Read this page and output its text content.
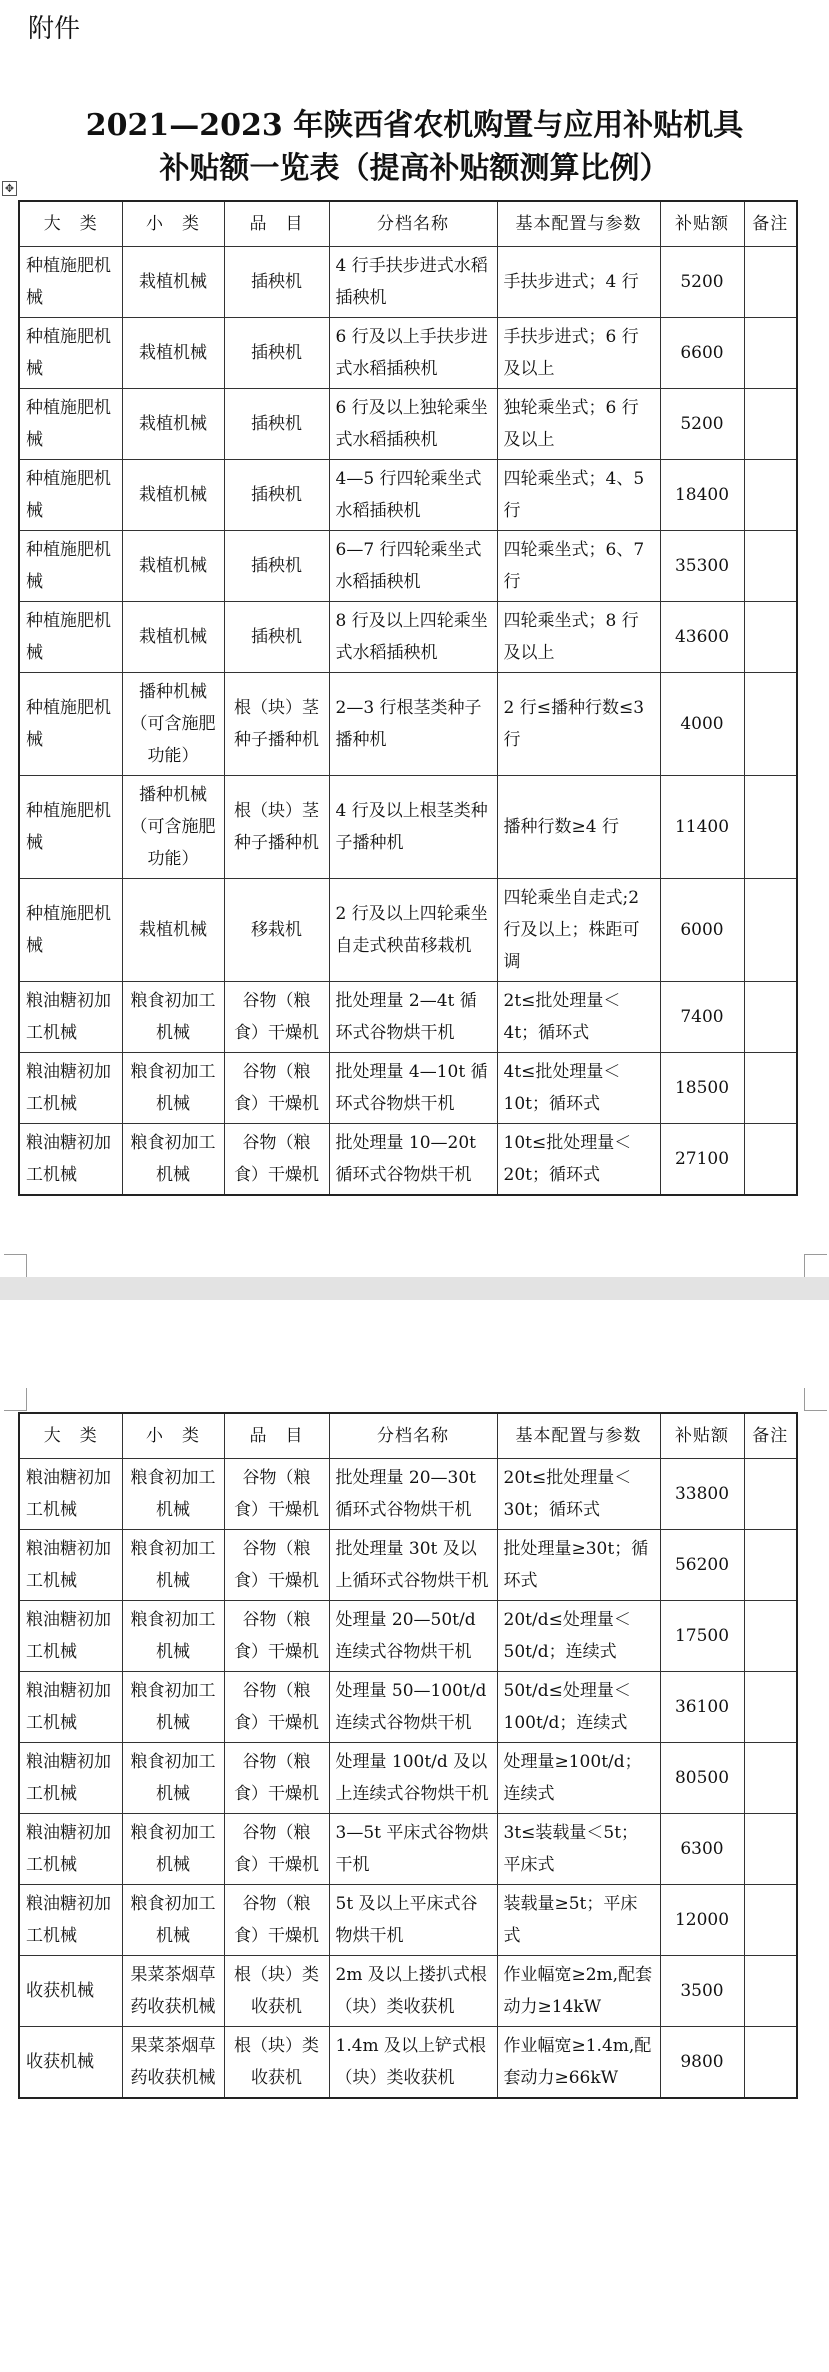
附件
2021—2023 年陕西省农机购置与应用补贴机具
补贴额一览表（提高补贴额测算比例）
✥
大　类	小　类	品　目	分档名称	基本配置与参数	补贴额	备注
种植施肥机械	栽植机械	插秧机	4 行手扶步进式水稻插秧机	手扶步进式；4 行	5200	
种植施肥机械	栽植机械	插秧机	6 行及以上手扶步进式水稻插秧机	手扶步进式；6 行及以上	6600	
种植施肥机械	栽植机械	插秧机	6 行及以上独轮乘坐式水稻插秧机	独轮乘坐式；6 行及以上	5200	
种植施肥机械	栽植机械	插秧机	4—5 行四轮乘坐式水稻插秧机	四轮乘坐式；4、5 行	18400	
种植施肥机械	栽植机械	插秧机	6—7 行四轮乘坐式水稻插秧机	四轮乘坐式；6、7 行	35300	
种植施肥机械	栽植机械	插秧机	8 行及以上四轮乘坐式水稻插秧机	四轮乘坐式；8 行及以上	43600	
种植施肥机械	播种机械（可含施肥功能）	根（块）茎种子播种机	2—3 行根茎类种子播种机	2 行≤播种行数≤3 行	4000	
种植施肥机械	播种机械（可含施肥功能）	根（块）茎种子播种机	4 行及以上根茎类种子播种机	播种行数≥4 行	11400	
种植施肥机械	栽植机械	移栽机	2 行及以上四轮乘坐自走式秧苗移栽机	四轮乘坐自走式;2 行及以上；株距可调	6000	
粮油糖初加工机械	粮食初加工机械	谷物（粮食）干燥机	批处理量 2—4t 循环式谷物烘干机	2t≤批处理量＜4t；循环式	7400	
粮油糖初加工机械	粮食初加工机械	谷物（粮食）干燥机	批处理量 4—10t 循环式谷物烘干机	4t≤批处理量＜10t；循环式	18500	
粮油糖初加工机械	粮食初加工机械	谷物（粮食）干燥机	批处理量 10—20t 循环式谷物烘干机	10t≤批处理量＜20t；循环式	27100	
大　类	小　类	品　目	分档名称	基本配置与参数	补贴额	备注
粮油糖初加工机械	粮食初加工机械	谷物（粮食）干燥机	批处理量 20—30t 循环式谷物烘干机	20t≤批处理量＜30t；循环式	33800	
粮油糖初加工机械	粮食初加工机械	谷物（粮食）干燥机	批处理量 30t 及以上循环式谷物烘干机	批处理量≥30t；循环式	56200	
粮油糖初加工机械	粮食初加工机械	谷物（粮食）干燥机	处理量 20—50t/d 连续式谷物烘干机	20t/d≤处理量＜50t/d；连续式	17500	
粮油糖初加工机械	粮食初加工机械	谷物（粮食）干燥机	处理量 50—100t/d 连续式谷物烘干机	50t/d≤处理量＜100t/d；连续式	36100	
粮油糖初加工机械	粮食初加工机械	谷物（粮食）干燥机	处理量 100t/d 及以上连续式谷物烘干机	处理量≥100t/d；连续式	80500	
粮油糖初加工机械	粮食初加工机械	谷物（粮食）干燥机	3—5t 平床式谷物烘干机	3t≤装载量＜5t；平床式	6300	
粮油糖初加工机械	粮食初加工机械	谷物（粮食）干燥机	5t 及以上平床式谷物烘干机	装载量≥5t；平床式	12000	
收获机械	果菜茶烟草药收获机械	根（块）类收获机	2m 及以上搂扒式根（块）类收获机	作业幅宽≥2m,配套动力≥14kW	3500	
收获机械	果菜茶烟草药收获机械	根（块）类收获机	1.4m 及以上铲式根（块）类收获机	作业幅宽≥1.4m,配套动力≥66kW	9800	
